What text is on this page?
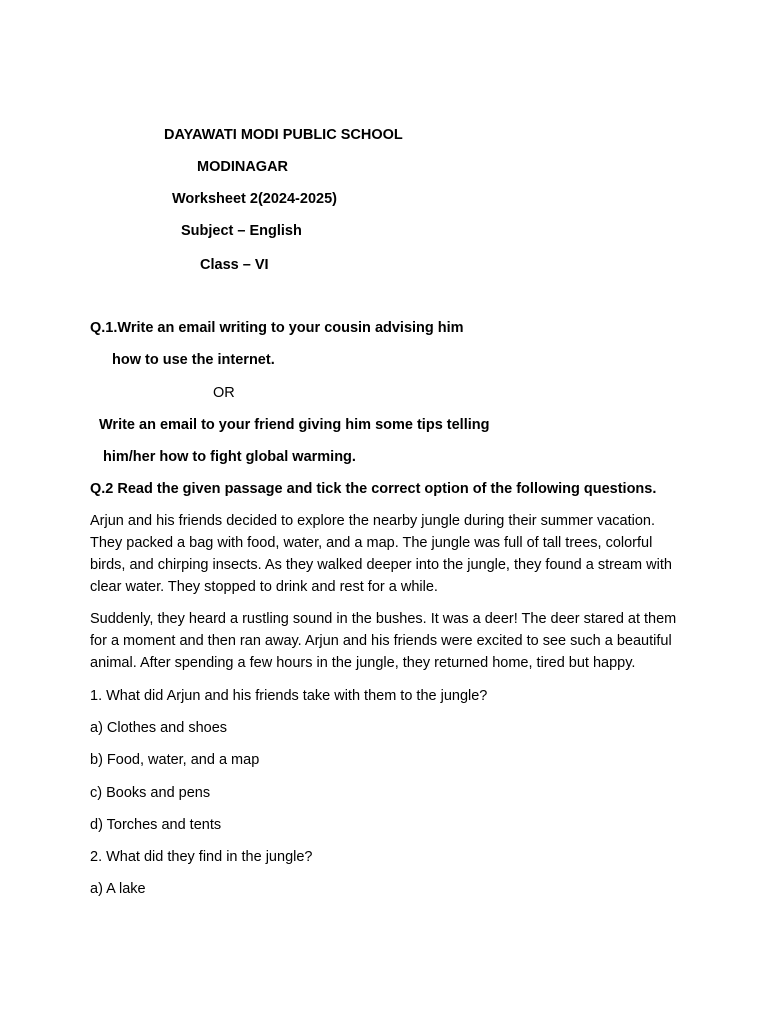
DAYAWATI MODI PUBLIC SCHOOL
MODINAGAR
Worksheet 2(2024-2025)
Subject – English
Class – VI
Q.1.Write an email writing to your cousin advising him
how to use the internet.
OR
Write an email to your friend giving him some tips telling
him/her how to fight global warming.
Q.2 Read the given passage and tick the correct option of the following questions.
Arjun and his friends decided to explore the nearby jungle during their summer vacation. They packed a bag with food, water, and a map. The jungle was full of tall trees, colorful birds, and chirping insects. As they walked deeper into the jungle, they found a stream with clear water. They stopped to drink and rest for a while.
Suddenly, they heard a rustling sound in the bushes. It was a deer! The deer stared at them for a moment and then ran away. Arjun and his friends were excited to see such a beautiful animal. After spending a few hours in the jungle, they returned home, tired but happy.
1. What did Arjun and his friends take with them to the jungle?
a) Clothes and shoes
b) Food, water, and a map
c) Books and pens
d) Torches and tents
2. What did they find in the jungle?
a) A lake
